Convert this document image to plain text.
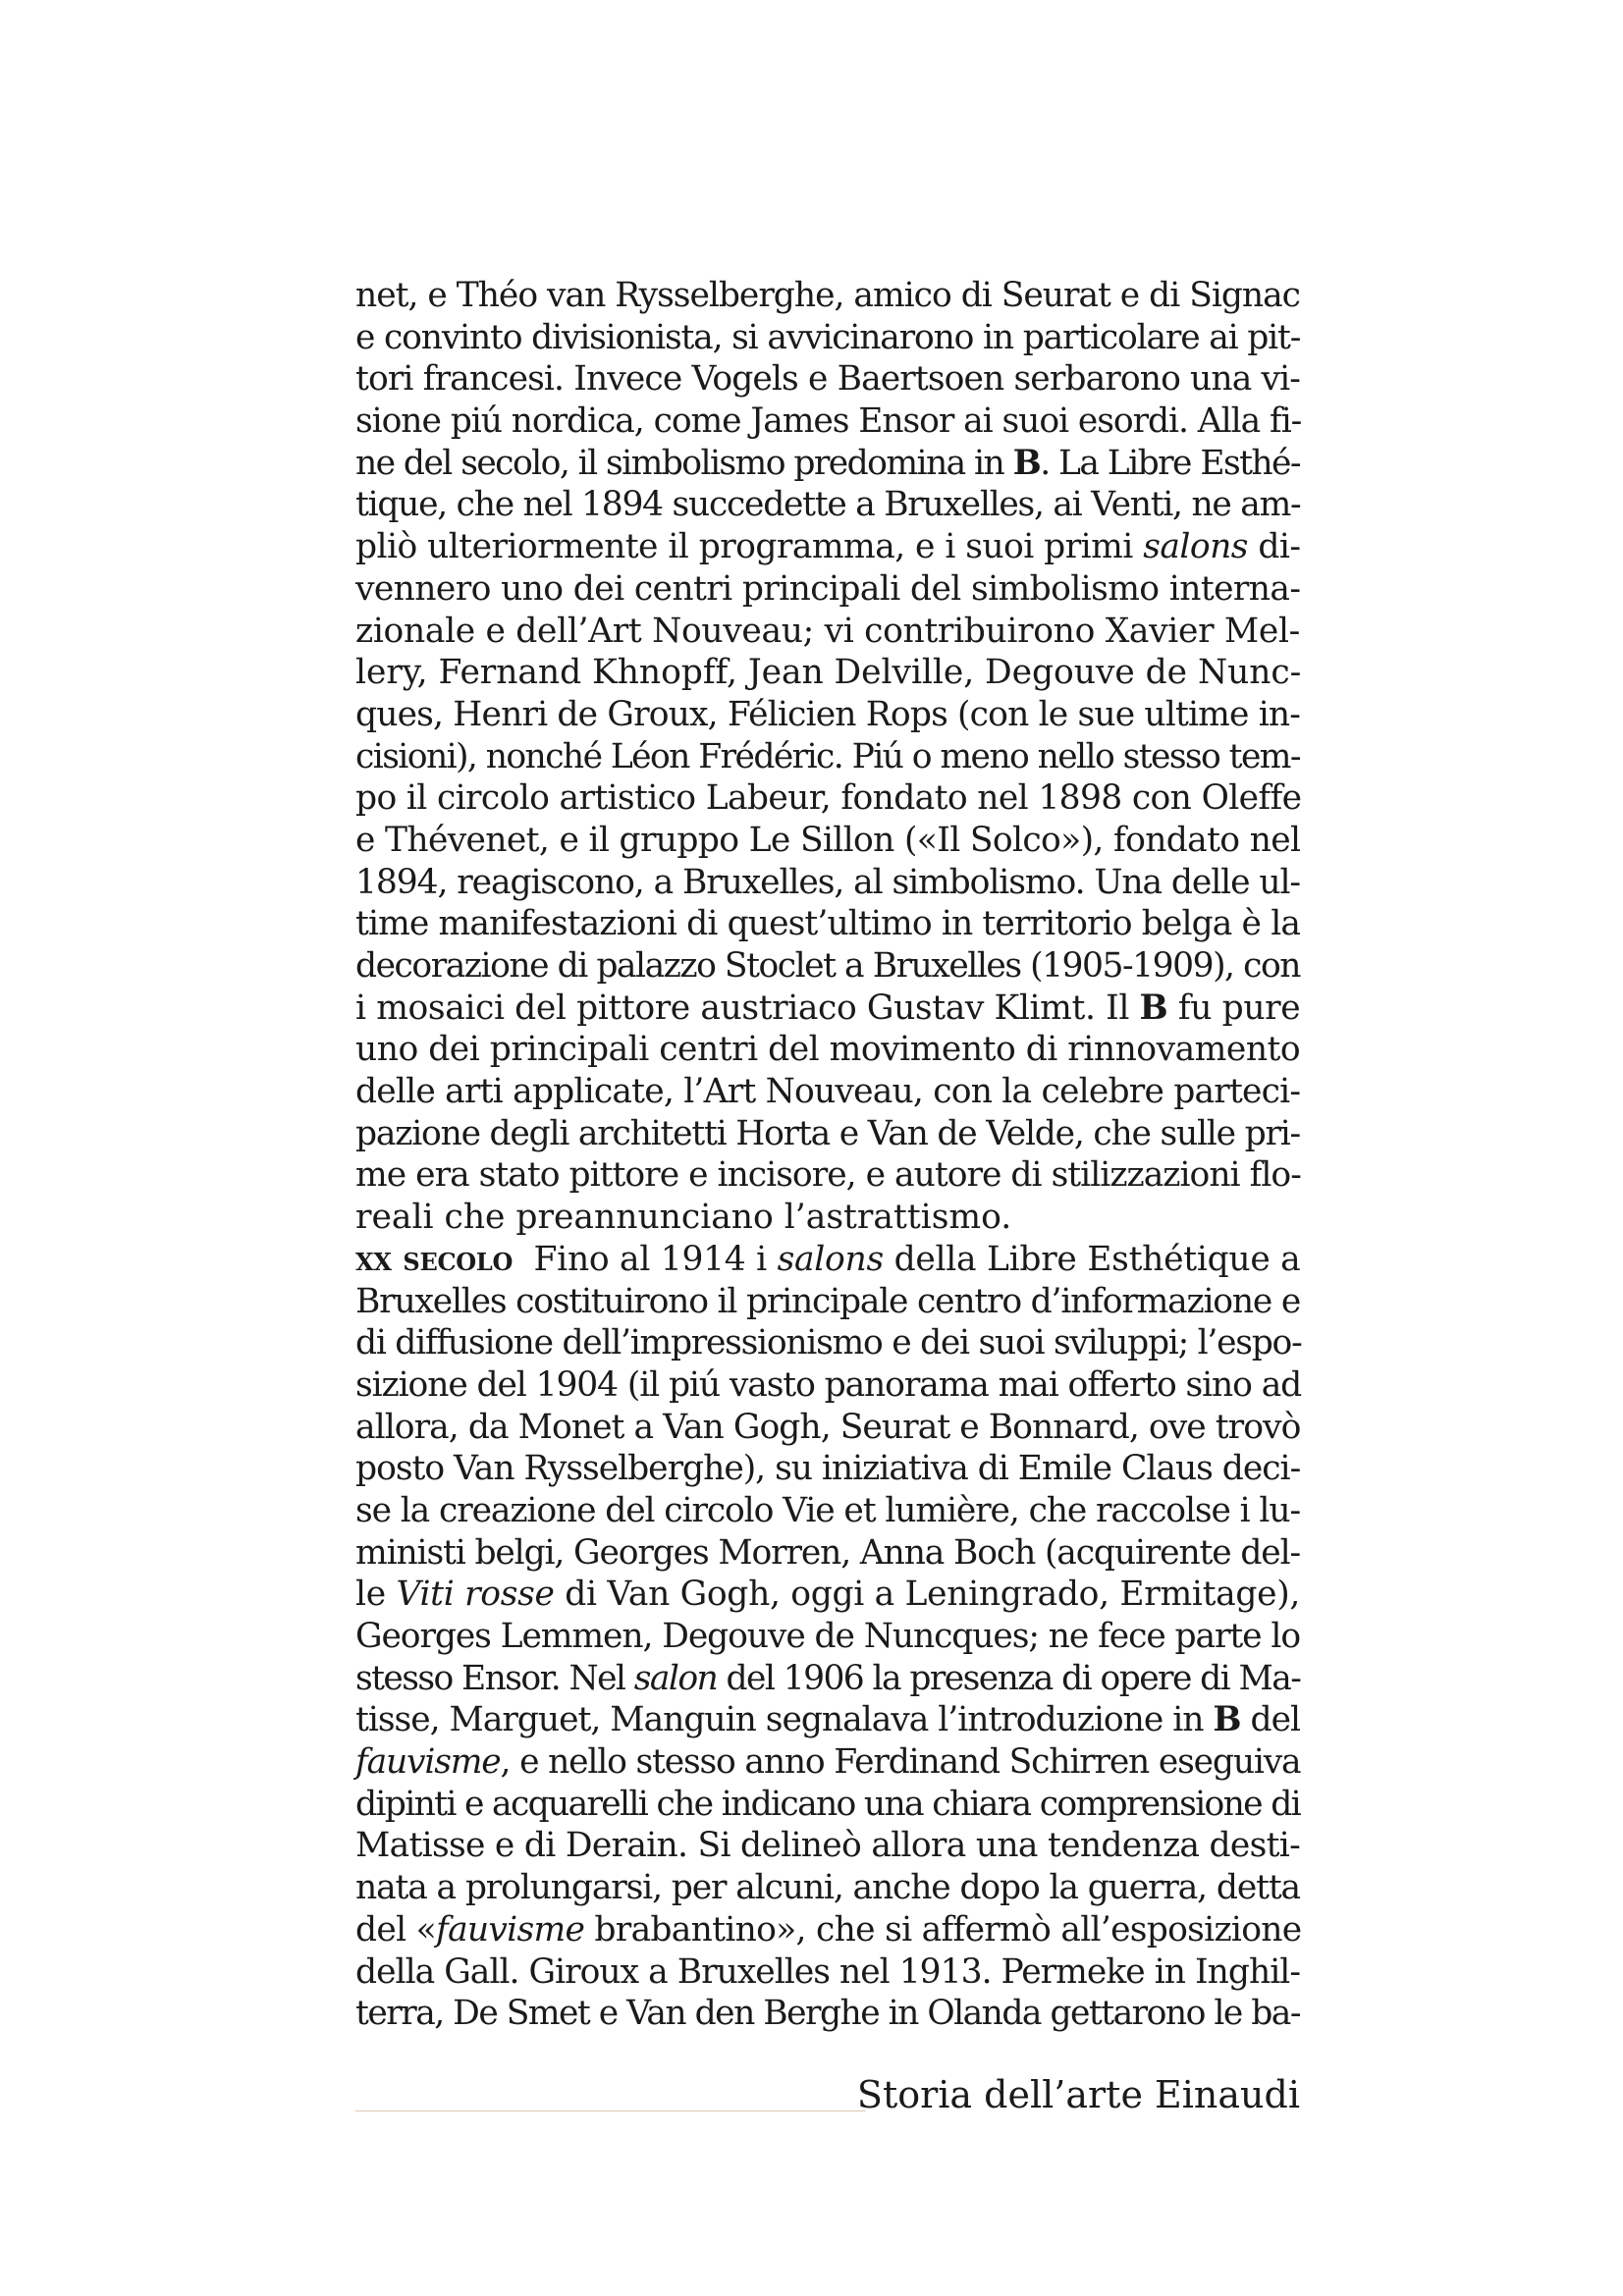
net, e Théo van Rysselberghe, amico di Seurat e di Signac
e convinto divisionista, si avvicinarono in particolare ai pit-
tori francesi. Invece Vogels e Baertsoen serbarono una vi-
sione piú nordica, come James Ensor ai suoi esordi. Alla fi-
ne del secolo, il simbolismo predomina in B. La Libre Esthé-
tique, che nel 1894 succedette a Bruxelles, ai Venti, ne am-
pliò ulteriormente il programma, e i suoi primi salons di-
vennero uno dei centri principali del simbolismo interna-
zionale e dell’Art Nouveau; vi contribuirono Xavier Mel-
lery, Fernand Khnopff, Jean Delville, Degouve de Nunc-
ques, Henri de Groux, Félicien Rops (con le sue ultime in-
cisioni), nonché Léon Frédéric. Piú o meno nello stesso tem-
po il circolo artistico Labeur, fondato nel 1898 con Oleffe
e Thévenet, e il gruppo Le Sillon («Il Solco»), fondato nel
1894, reagiscono, a Bruxelles, al simbolismo. Una delle ul-
time manifestazioni di quest’ultimo in territorio belga è la
decorazione di palazzo Stoclet a Bruxelles (1905-1909), con
i mosaici del pittore austriaco Gustav Klimt. Il B fu pure
uno dei principali centri del movimento di rinnovamento
delle arti applicate, l’Art Nouveau, con la celebre parteci-
pazione degli architetti Horta e Van de Velde, che sulle pri-
me era stato pittore e incisore, e autore di stilizzazioni flo-
reali che preannunciano l’astrattismo.
xx secolo  Fino al 1914 i salons della Libre Esthétique a
Bruxelles costituirono il principale centro d’informazione e
di diffusione dell’impressionismo e dei suoi sviluppi; l’espo-
sizione del 1904 (il piú vasto panorama mai offerto sino ad
allora, da Monet a Van Gogh, Seurat e Bonnard, ove trovò
posto Van Rysselberghe), su iniziativa di Emile Claus deci-
se la creazione del circolo Vie et lumière, che raccolse i lu-
ministi belgi, Georges Morren, Anna Boch (acquirente del-
le Viti rosse di Van Gogh, oggi a Leningrado, Ermitage),
Georges Lemmen, Degouve de Nuncques; ne fece parte lo
stesso Ensor. Nel salon del 1906 la presenza di opere di Ma-
tisse, Marguet, Manguin segnalava l’introduzione in B del
fauvisme, e nello stesso anno Ferdinand Schirren eseguiva
dipinti e acquarelli che indicano una chiara comprensione di
Matisse e di Derain. Si delineò allora una tendenza desti-
nata a prolungarsi, per alcuni, anche dopo la guerra, detta
del «fauvisme brabantino», che si affermò all’esposizione
della Gall. Giroux a Bruxelles nel 1913. Permeke in Inghil-
terra, De Smet e Van den Berghe in Olanda gettarono le ba-
Storia dell’arte Einaudi
